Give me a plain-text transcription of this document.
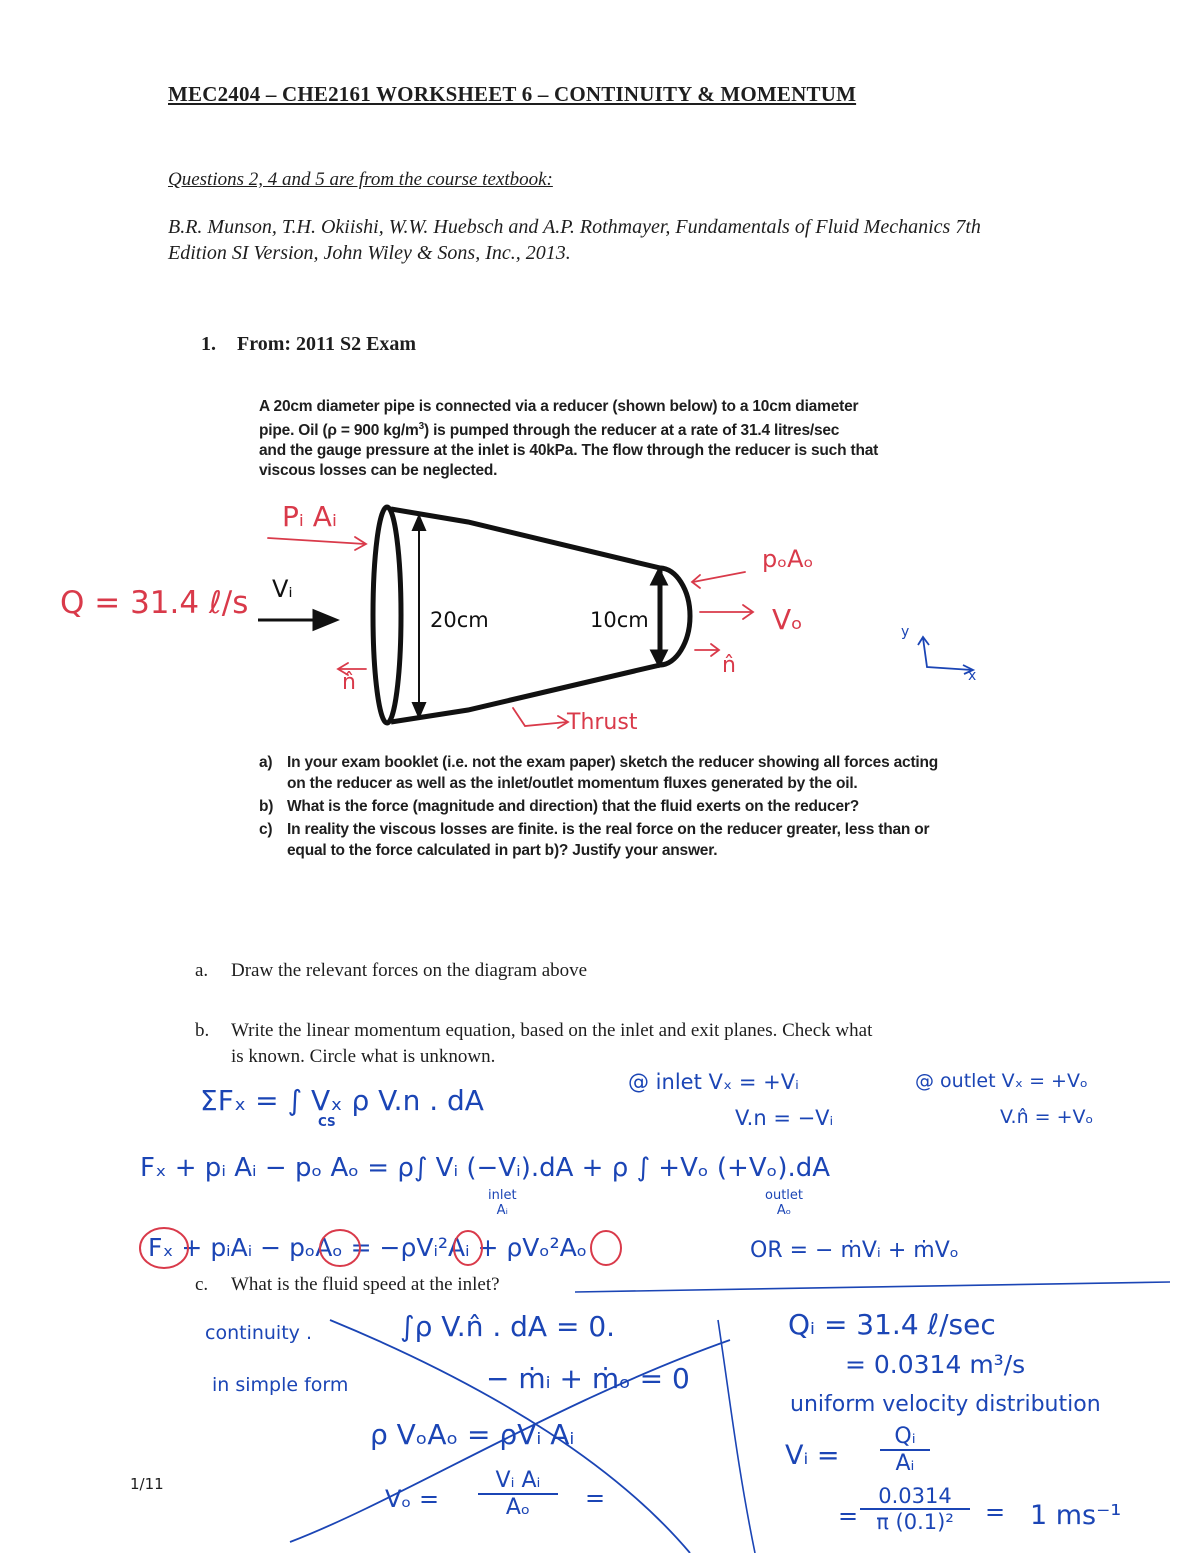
MEC2404 – CHE2161 WORKSHEET 6 – CONTINUITY & MOMENTUM
Questions 2, 4 and 5 are from the course textbook:
B.R. Munson, T.H. Okiishi, W.W. Huebsch and A.P. Rothmayer, Fundamentals of Fluid Mechanics 7th Edition SI Version, John Wiley & Sons, Inc., 2013.
1. From: 2011 S2 Exam
A 20cm diameter pipe is connected via a reducer (shown below) to a 10cm diameter
pipe. Oil (ρ = 900 $kg/m^3$) is pumped through the reducer at a rate of 31.4 litres/sec
and the gauge pressure at the inlet is 40kPa. The flow through the reducer is such that
viscous losses can be neglected.
Vᵢ
20cm	10cm
Q = 31.4 ℓ/s
Pᵢ Aᵢ
pₒAₒ
Vₒ
n̂
n̂
Thrust
x
y
a) In your exam booklet (i.e. not the exam paper) sketch the reducer showing all forces acting on the reducer as well as the inlet/outlet momentum fluxes generated by the oil.
b) What is the force (magnitude and direction) that the fluid exerts on the reducer?
c) In reality the viscous losses are finite. is the real force on the reducer greater, less than or equal to the force calculated in part b)? Justify your answer.
a. Draw the relevant forces on the diagram above
b. Write the linear momentum equation, based on the inlet and exit planes. Check what
is known. Circle what is unknown.
c. What is the fluid speed at the inlet?
ΣFₓ = ∫ Vₓ ρ V.n . dA
CS
@ inlet Vₓ = +Vᵢ
V.n = −Vᵢ
@ outlet Vₓ = +Vₒ
V.n̂ = +Vₒ
Fₓ + pᵢ Aᵢ − pₒ Aₒ = ρ∫ Vᵢ (−Vᵢ).dA + ρ ∫ +Vₒ (+Vₒ).dA
inlet
Aᵢ
outlet
Aₒ
Fₓ + pᵢAᵢ − pₒAₒ = −ρVᵢ²Aᵢ + ρVₒ²Aₒ	OR = − ṁVᵢ + ṁVₒ
continuity .	∫ρ V.n̂ . dA = 0.
in simple form	− ṁᵢ + ṁₒ = 0
ρ VₒAₒ = ρVᵢ Aᵢ
Vₒ =
Vᵢ Aᵢ
Aₒ	=
Qᵢ = 31.4 ℓ/sec
= 0.0314 m³/s
uniform velocity distribution
Vᵢ =
Qᵢ
Aᵢ
=
0.0314
π (0.1)²	= 1 ms⁻¹
1/11
